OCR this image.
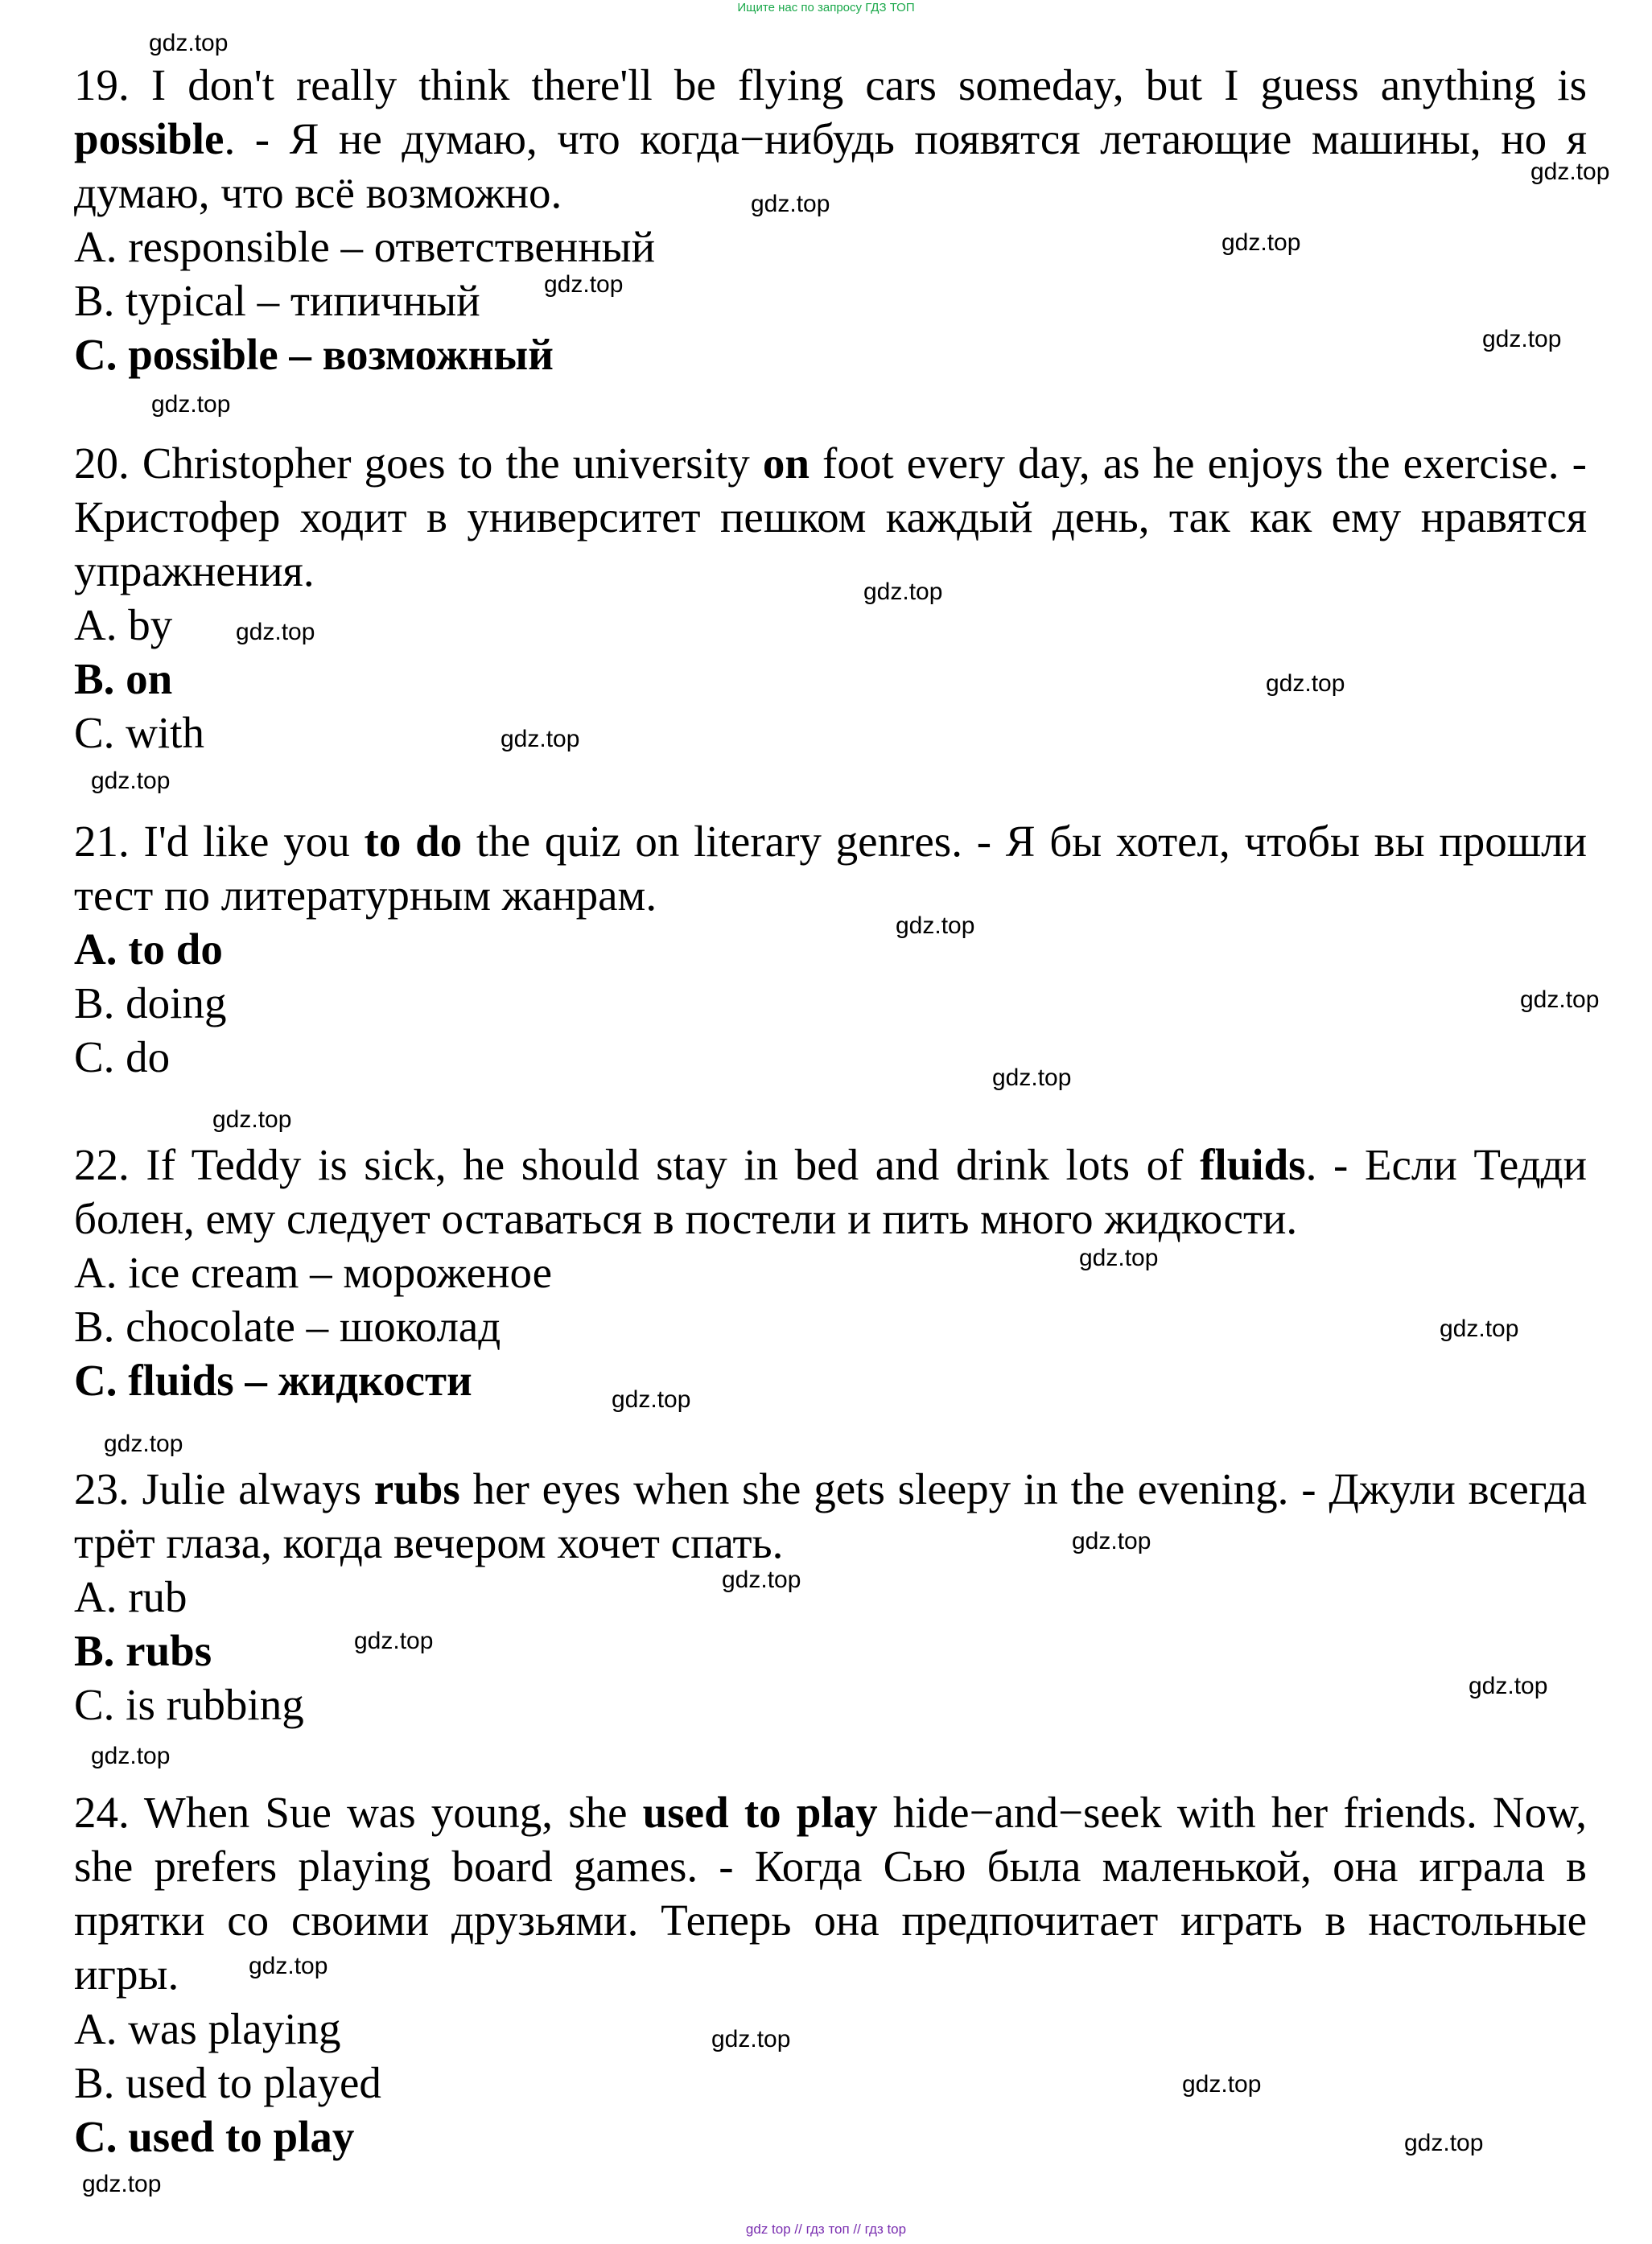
Ищите нас по запросу ГДЗ ТОП
19. I don't really think there'll be flying cars someday, but I guess anything is possible. - Я не думаю, что когда−нибудь появятся летающие машины, но я думаю, что всё возможно.
A. responsible – ответственный
B. typical – типичный
C. possible – возможный
20. Christopher goes to the university on foot every day, as he enjoys the exercise. - Кристофер ходит в университет пешком каждый день, так как ему нравятся упражнения.
A. by
B. on
C. with
21. I'd like you to do the quiz on literary genres. - Я бы хотел, чтобы вы прошли тест по литературным жанрам.
A. to do
B. doing
C. do
22. If Teddy is sick, he should stay in bed and drink lots of fluids. - Если Тедди болен, ему следует оставаться в постели и пить много жидкости.
A. ice cream – мороженое
B. chocolate – шоколад
C. fluids – жидкости
23. Julie always rubs her eyes when she gets sleepy in the evening. - Джули всегда трёт глаза, когда вечером хочет спать.
A. rub
B. rubs
C. is rubbing
24. When Sue was young, she used to play hide−and−seek with her friends. Now, she prefers playing board games. - Когда Сью была маленькой, она играла в прятки со своими друзьями. Теперь она предпочитает играть в настольные игры.
A. was playing
B. used to played
C. used to play
gdz.top
gdz.top
gdz.top
gdz.top
gdz.top
gdz.top
gdz.top
gdz.top
gdz.top
gdz.top
gdz.top
gdz.top
gdz.top
gdz.top
gdz.top
gdz.top
gdz.top
gdz.top
gdz.top
gdz.top
gdz.top
gdz.top
gdz.top
gdz.top
gdz.top
gdz.top
gdz.top
gdz.top
gdz.top
gdz.top
gdz top // гдз топ // гдз top
